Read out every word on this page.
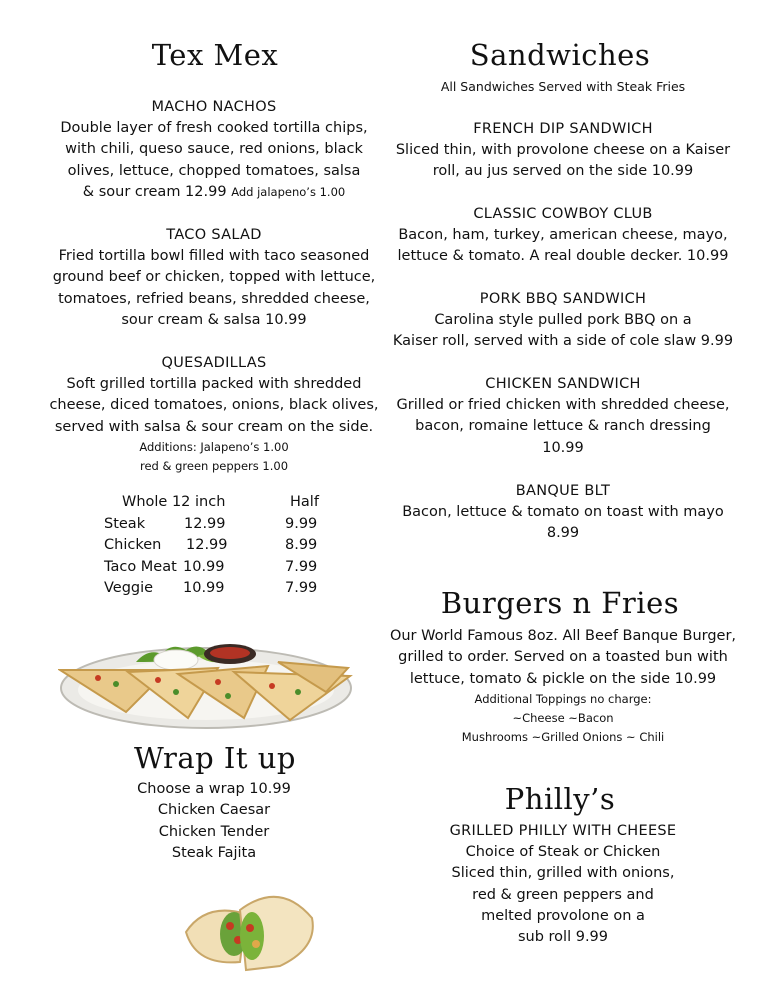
Tex Mex
MACHO NACHOS
Double layer of fresh cooked tortilla chips,
with chili, queso sauce, red onions, black
olives, lettuce, chopped tomatoes, salsa
& sour cream 12.99 Add jalapeno’s 1.00
TACO SALAD
Fried tortilla bowl filled with taco seasoned
ground beef or chicken, topped with lettuce,
tomatoes, refried beans, shredded cheese,
sour cream & salsa 10.99
QUESADILLAS
Soft grilled tortilla packed with shredded
cheese, diced tomatoes, onions, black olives,
served with salsa & sour cream on the side.
Additions: Jalapeno’s 1.00
red & green peppers 1.00
Whole 12 inch	Half
Steak	12.99	9.99
Chicken 12.99	8.99
Taco Meat 10.99	7.99
Veggie 10.99	7.99
Wrap It up
Choose a wrap 10.99
Chicken Caesar
Chicken Tender
Steak Fajita
Sandwiches
All Sandwiches Served with Steak Fries
FRENCH DIP SANDWICH
Sliced thin, with provolone cheese on a Kaiser
roll, au jus served on the side 10.99
CLASSIC COWBOY CLUB
Bacon, ham, turkey, american cheese, mayo,
lettuce & tomato. A real double decker. 10.99
PORK BBQ SANDWICH
Carolina style pulled pork BBQ on a
Kaiser roll, served with a side of cole slaw 9.99
CHICKEN SANDWICH
Grilled or fried chicken with shredded cheese,
bacon, romaine lettuce & ranch dressing
10.99
BANQUE BLT
Bacon, lettuce & tomato on toast with mayo
8.99
Burgers n Fries
Our World Famous 8oz. All Beef Banque Burger,
grilled to order. Served on a toasted bun with
lettuce, tomato & pickle on the side 10.99
Additional Toppings no charge:
~Cheese ~Bacon
Mushrooms ~Grilled Onions ~ Chili
Philly’s
GRILLED PHILLY WITH CHEESE
Choice of Steak or Chicken
Sliced thin, grilled with onions,
red & green peppers and
melted provolone on a
sub roll 9.99
